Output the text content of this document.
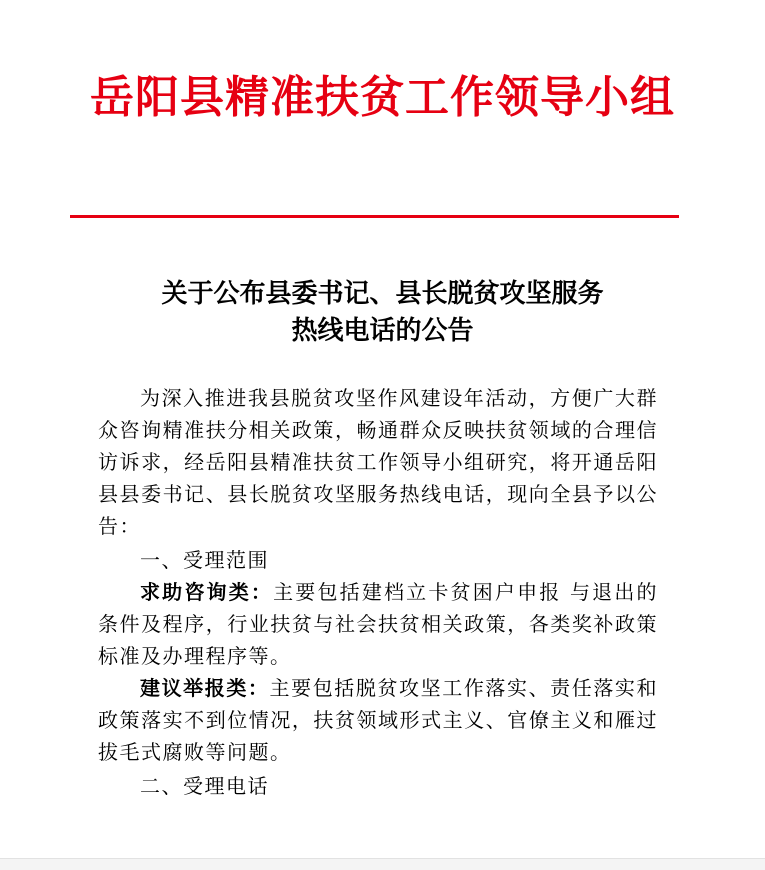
岳阳县精准扶贫工作领导小组
关于公布县委书记、县长脱贫攻坚服务
热线电话的公告

为深入推进我县脱贫攻坚作风建设年活动，方便广大群众咨询精准扶分相关政策，畅通群众反映扶贫领域的合理信访诉求，经岳阳县精准扶贫工作领导小组研究，将开通岳阳县县委书记、县长脱贫攻坚服务热线电话，现向全县予以公告：

一、受理范围

求助咨询类：主要包括建档立卡贫困户申报 与退出的条件及程序，行业扶贫与社会扶贫相关政策，各类奖补政策标准及办理程序等。

建议举报类：主要包括脱贫攻坚工作落实、责任落实和政策落实不到位情况，扶贫领域形式主义、官僚主义和雁过拔毛式腐败等问题。

二、受理电话
